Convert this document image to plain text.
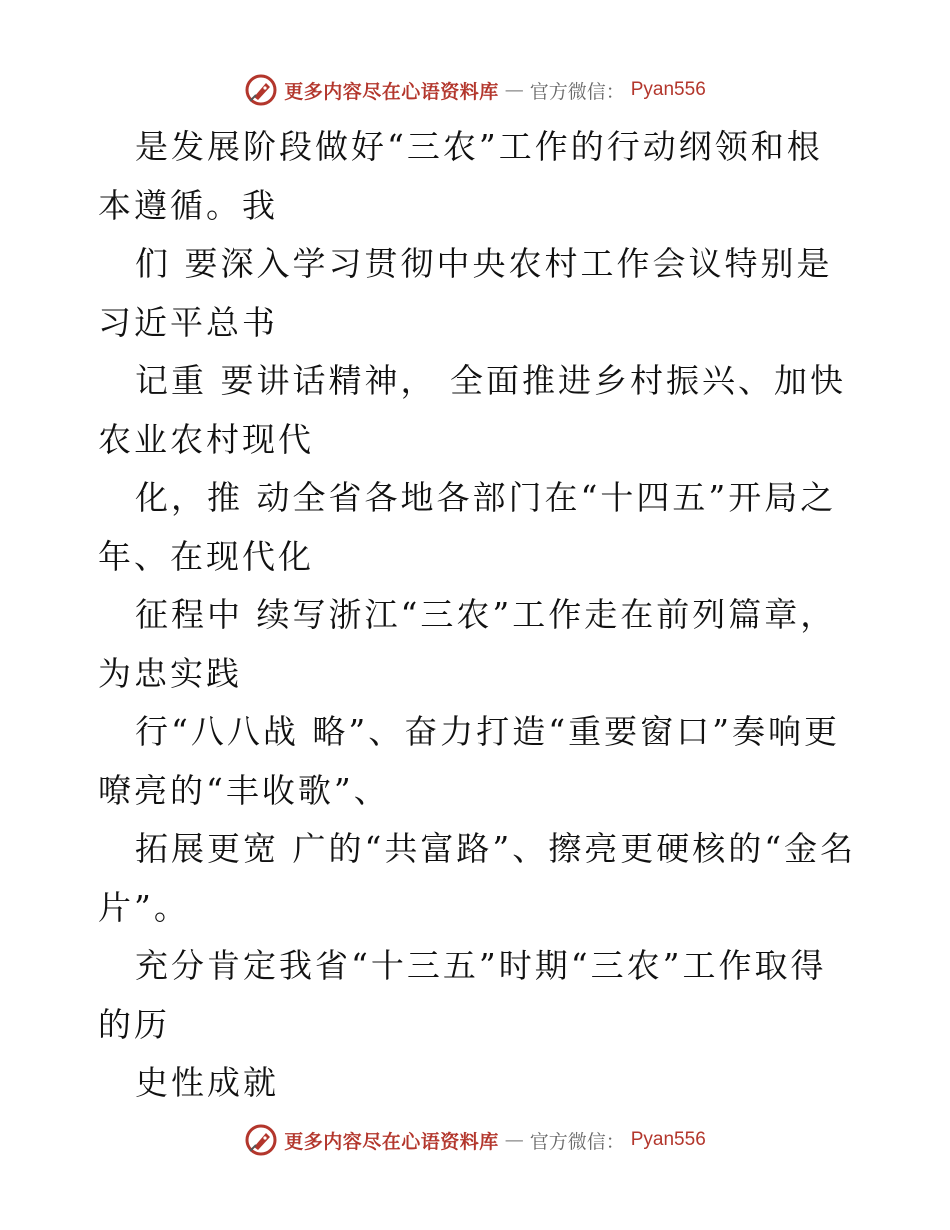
更多内容尽在心语资料库 — 官方微信： Pyan556

是发展阶段做好“三农”工作的行动纲领和根本遵循。我

们 要深入学习贯彻中央农村工作会议特别是习近平总书

记重 要讲话精神， 全面推进乡村振兴、加快农业农村现代

化，推 动全省各地各部门在“十四五”开局之年、在现代化

征程中 续写浙江“三农”工作走在前列篇章，为忠实践

行“八八战 略”、奋力打造“重要窗口”奏响更嘹亮的“丰收歌”、

拓展更宽 广的“共富路”、擦亮更硬核的“金名片”。

充分肯定我省“十三五”时期“三农”工作取得的历

史性成就

更多内容尽在心语资料库 — 官方微信： Pyan556
